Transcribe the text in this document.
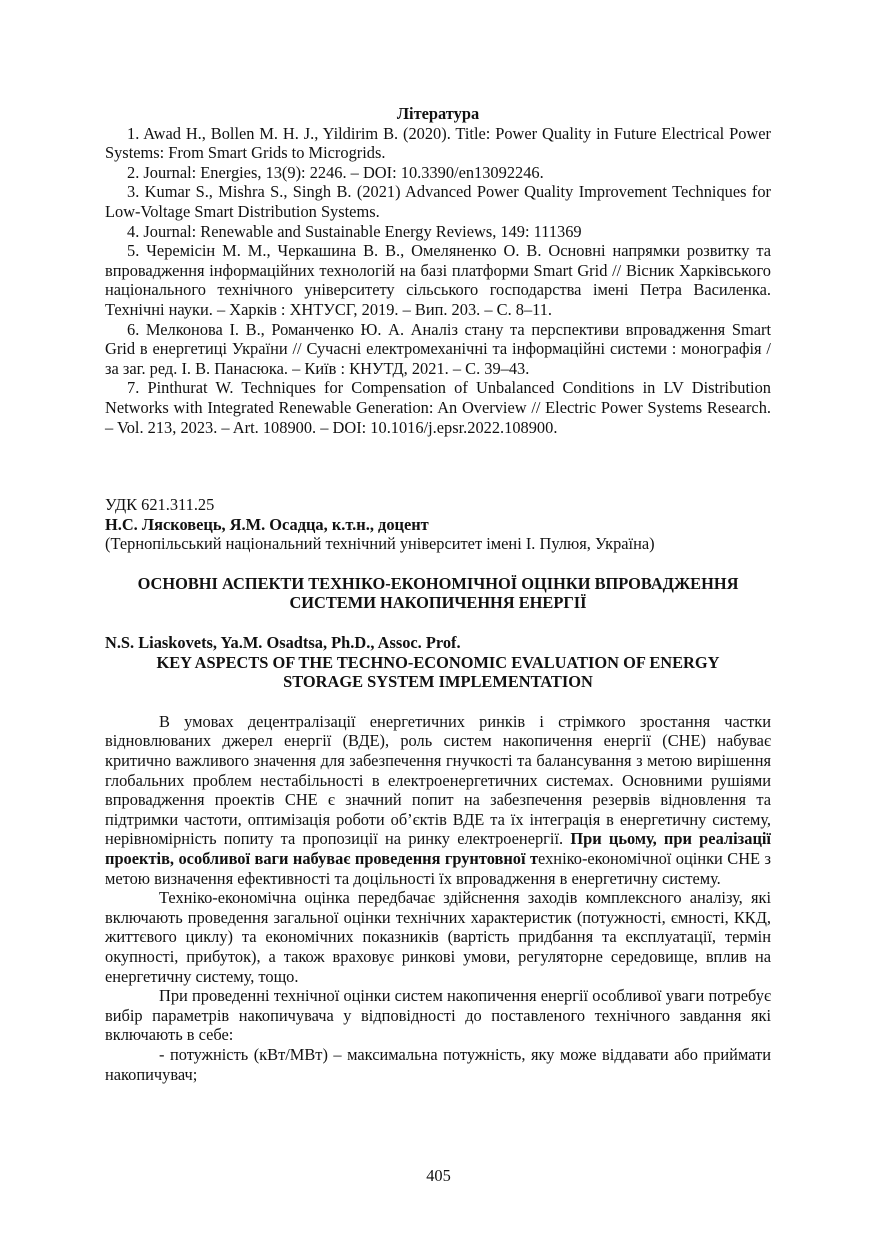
Література

1. Awad H., Bollen M. H. J., Yildirim B. (2020). Title: Power Quality in Future Electrical Power Systems: From Smart Grids to Microgrids.

2. Journal: Energies, 13(9): 2246. – DOI: 10.3390/en13092246.

3. Kumar S., Mishra S., Singh B. (2021) Advanced Power Quality Improvement Techniques for Low-Voltage Smart Distribution Systems.

4. Journal: Renewable and Sustainable Energy Reviews, 149: 111369

5. Черемісін М. М., Черкашина В. В., Омеляненко О. В. Основні напрямки розвитку та впровадження інформаційних технологій на базі платформи Smart Grid // Вісник Харківського національного технічного університету сільського господарства імені Петра Василенка. Технічні науки. – Харків : ХНТУСГ, 2019. – Вип. 203. – С. 8–11.

6. Мелконова І. В., Романченко Ю. А. Аналіз стану та перспективи впровадження Smart Grid в енергетиці України // Сучасні електромеханічні та інформаційні системи : монографія / за заг. ред. І. В. Панасюка. – Київ : КНУТД, 2021. – С. 39–43.

7. Pinthurat W. Techniques for Compensation of Unbalanced Conditions in LV Distribution Networks with Integrated Renewable Generation: An Overview // Electric Power Systems Research. – Vol. 213, 2023. – Art. 108900. – DOI: 10.1016/j.epsr.2022.108900.

УДК 621.311.25

Н.С. Лясковець, Я.М. Осадца, к.т.н., доцент

(Тернопільський національний технічний університет імені І. Пулюя, Україна)

ОСНОВНІ АСПЕКТИ ТЕХНІКО-ЕКОНОМІЧНОЇ ОЦІНКИ ВПРОВАДЖЕННЯ

СИСТЕМИ НАКОПИЧЕННЯ ЕНЕРГІЇ

N.S. Liaskovets, Ya.M. Osadtsa, Ph.D., Assoc. Prof.

KEY ASPECTS OF THE TECHNO-ECONOMIC EVALUATION OF ENERGY

STORAGE SYSTEM IMPLEMENTATION

В умовах децентралізації енергетичних ринків і стрімкого зростання частки відновлюваних джерел енергії (ВДЕ), роль систем накопичення енергії (СНЕ) набуває критично важливого значення для забезпечення гнучкості та балансування з метою вирішення глобальних проблем нестабільності в електроенергетичних системах. Основними рушіями впровадження проектів СНЕ є значний попит на забезпечення резервів відновлення та підтримки частоти, оптимізація роботи об’єктів ВДЕ та їх інтеграція в енергетичну систему, нерівномірність попиту та пропозиції на ринку електроенергії. При цьому, при реалізації проектів, особливої ваги набуває проведення грунтовної техніко-економічної оцінки СНЕ з метою визначення ефективності та доцільності їх впровадження в енергетичну систему.

Техніко-економічна оцінка передбачає здійснення заходів комплексного аналізу, які включають проведення загальної оцінки технічних характеристик (потужності, ємності, ККД, життєвого циклу) та економічних показників (вартість придбання та експлуатації, термін окупності, прибуток), а також враховує ринкові умови, регуляторне середовище, вплив на енергетичну систему, тощо.

При проведенні технічної оцінки систем накопичення енергії особливої уваги потребує вибір параметрів накопичувача у відповідності до поставленого технічного завдання які включають в себе:

- потужність (кВт/МВт) – максимальна потужність, яку може віддавати або приймати накопичувач;

405
